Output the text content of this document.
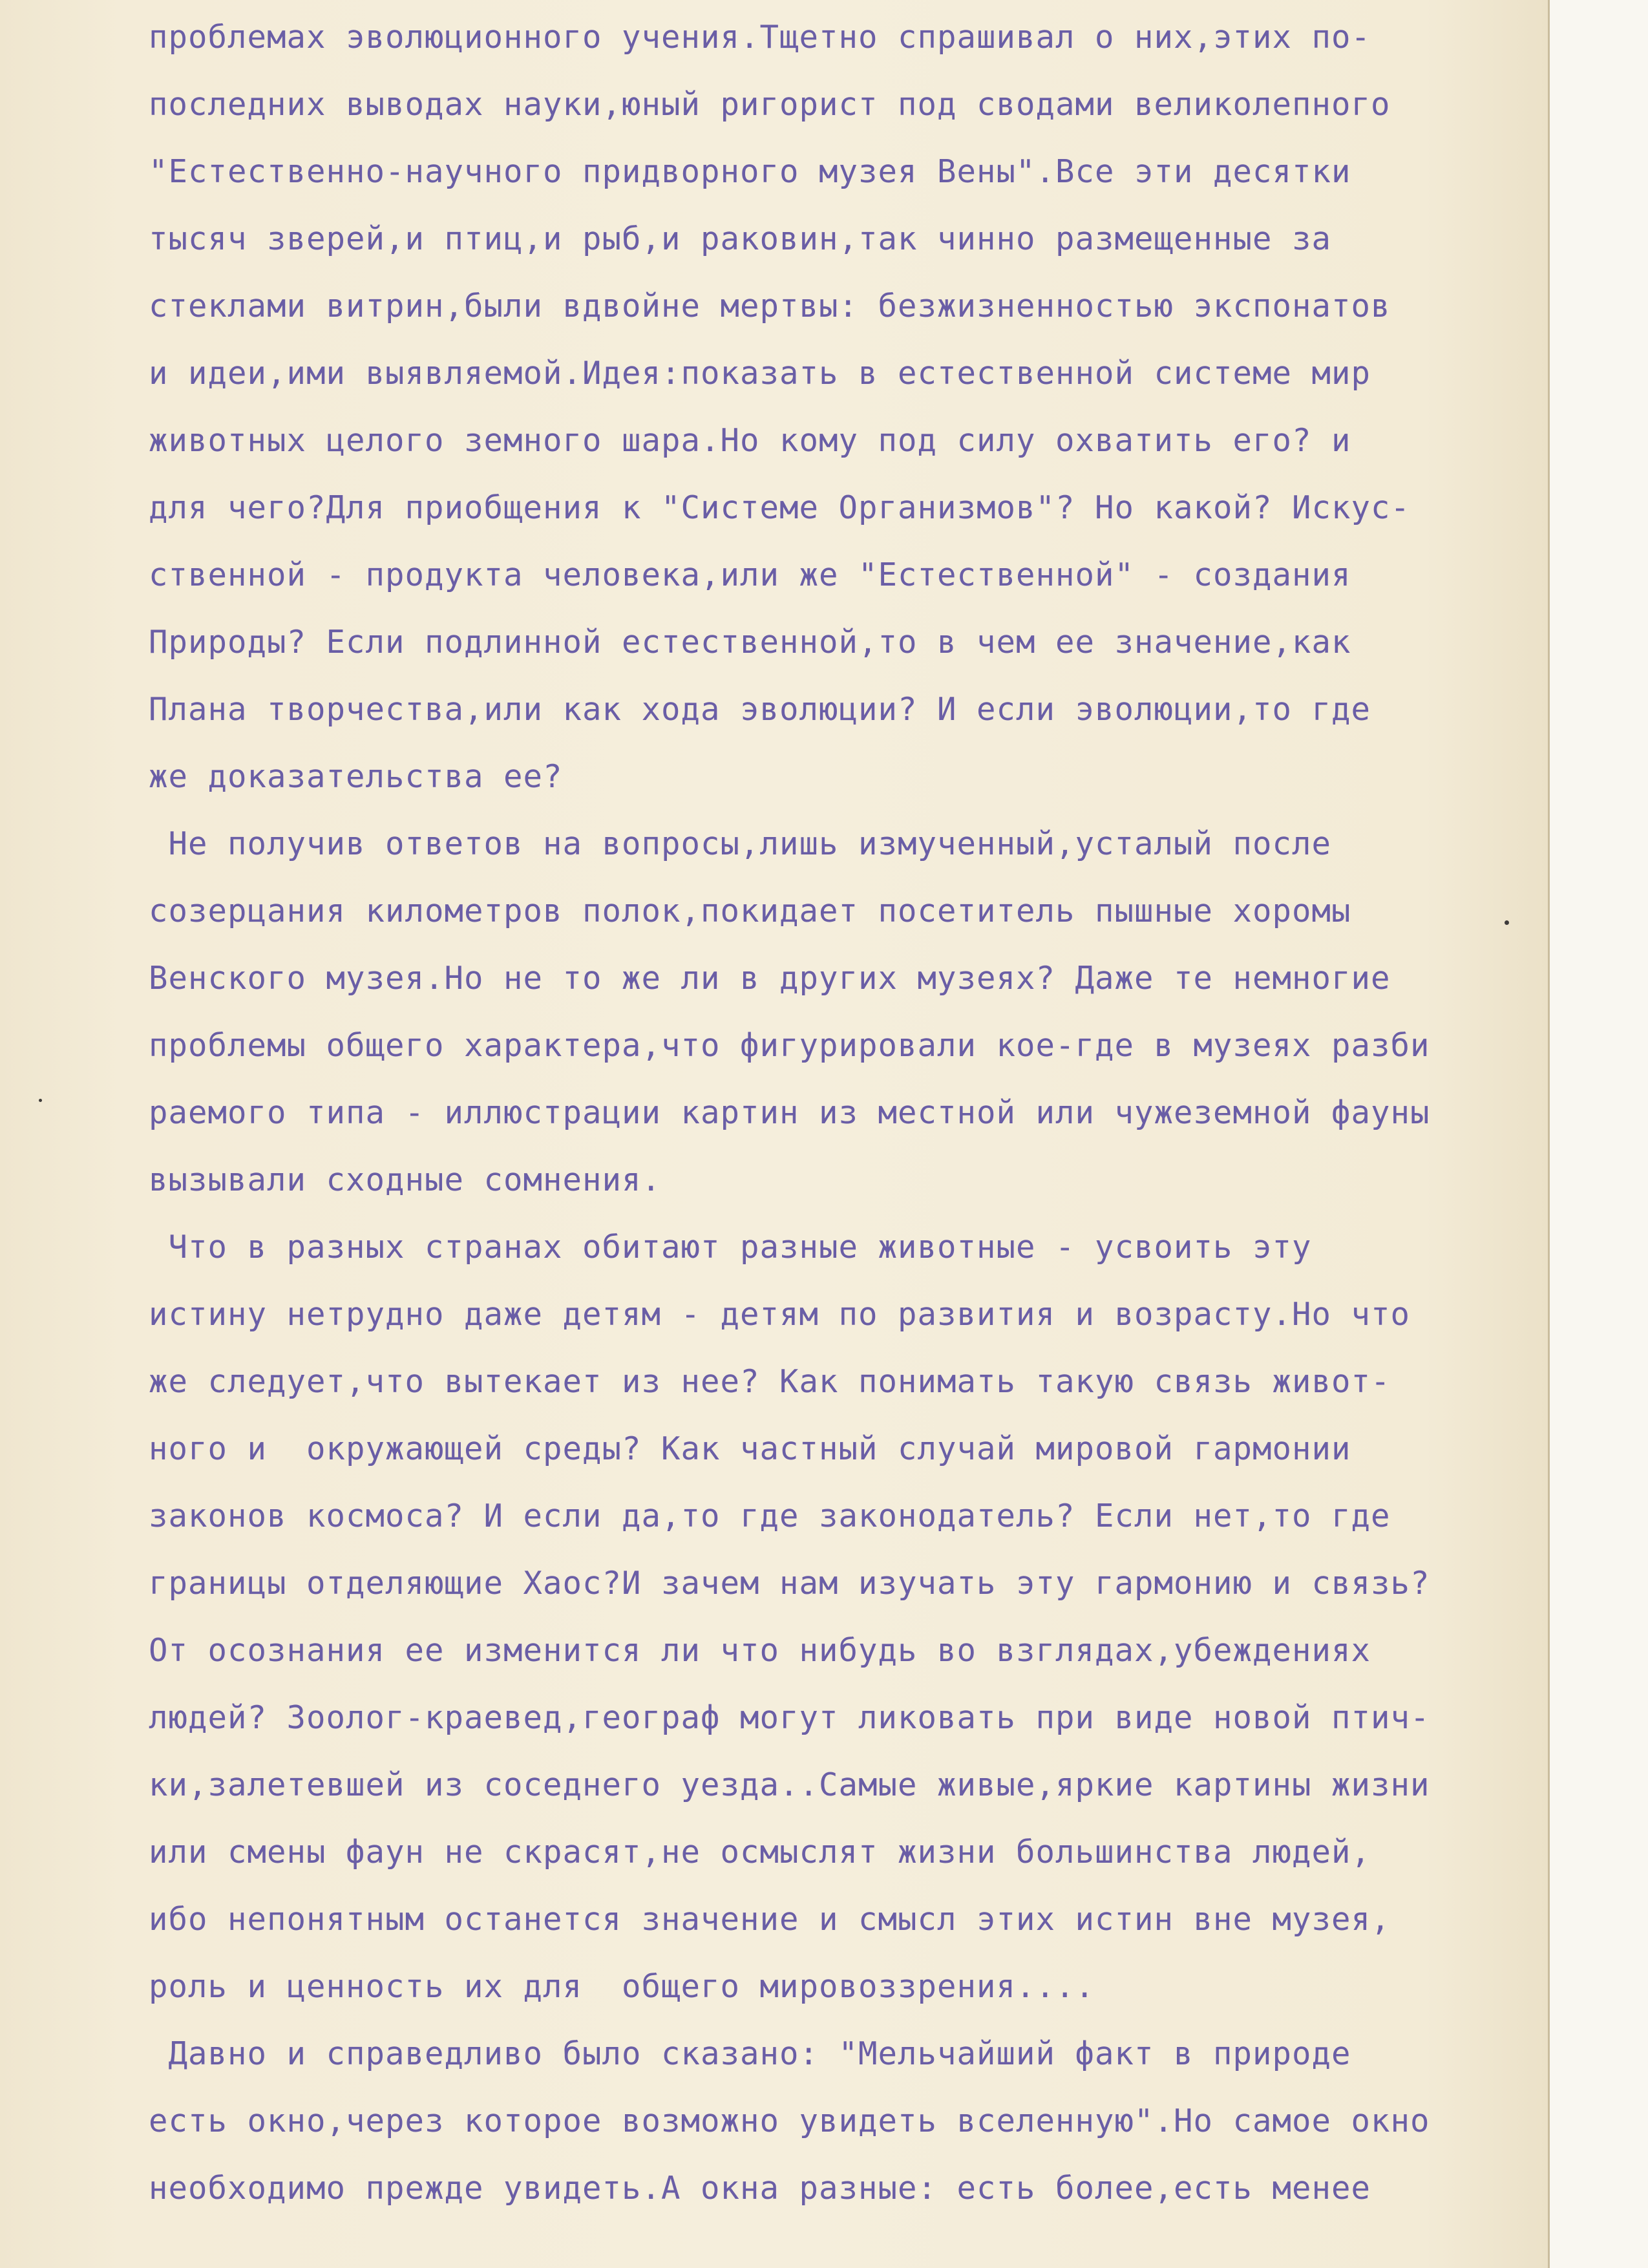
проблемах эволюционного учения.Тщетно спрашивал о них,этих по-
последних выводах науки,юный ригорист под сводами великолепного
"Естественно-научного придворного музея Вены".Все эти десятки
тысяч зверей,и птиц,и рыб,и раковин,так чинно размещенные за
стеклами витрин,были вдвойне мертвы: безжизненностью экспонатов
и идеи,ими выявляемой.Идея:показать в естественной системе мир
животных целого земного шара.Но кому под силу охватить его? и
для чего?Для приобщения к "Системе Организмов"? Но какой? Искус-
ственной - продукта человека,или же "Естественной" - создания
Природы? Если подлинной естественной,то в чем ее значение,как
Плана творчества,или как хода эволюции? И если эволюции,то где
же доказательства ее?
Не получив ответов на вопросы,лишь измученный,усталый после
созерцания километров полок,покидает посетитель пышные хоромы
Венского музея.Но не то же ли в других музеях? Даже те немногие
проблемы общего характера,что фигурировали кое-где в музеях разби
раемого типа - иллюстрации картин из местной или чужеземной фауны
вызывали сходные сомнения.
Что в разных странах обитают разные животные - усвоить эту
истину нетрудно даже детям - детям по развития и возрасту.Но что
же следует,что вытекает из нее? Как понимать такую связь живот-
ного и  окружающей среды? Как частный случай мировой гармонии
законов космоса? И если да,то где законодатель? Если нет,то где
границы отделяющие Хаос?И зачем нам изучать эту гармонию и связь?
От осознания ее изменится ли что нибудь во взглядах,убеждениях
людей? Зоолог-краевед,географ могут ликовать при виде новой птич-
ки,залетевшей из соседнего уезда..Самые живые,яркие картины жизни
или смены фаун не скрасят,не осмыслят жизни большинства людей,
ибо непонятным останется значение и смысл этих истин вне музея,
роль и ценность их для  общего мировоззрения....
Давно и справедливо было сказано: "Мельчайший факт в природе
есть окно,через которое возможно увидеть вселенную".Но самое окно
необходимо прежде увидеть.А окна разные: есть более,есть менее
